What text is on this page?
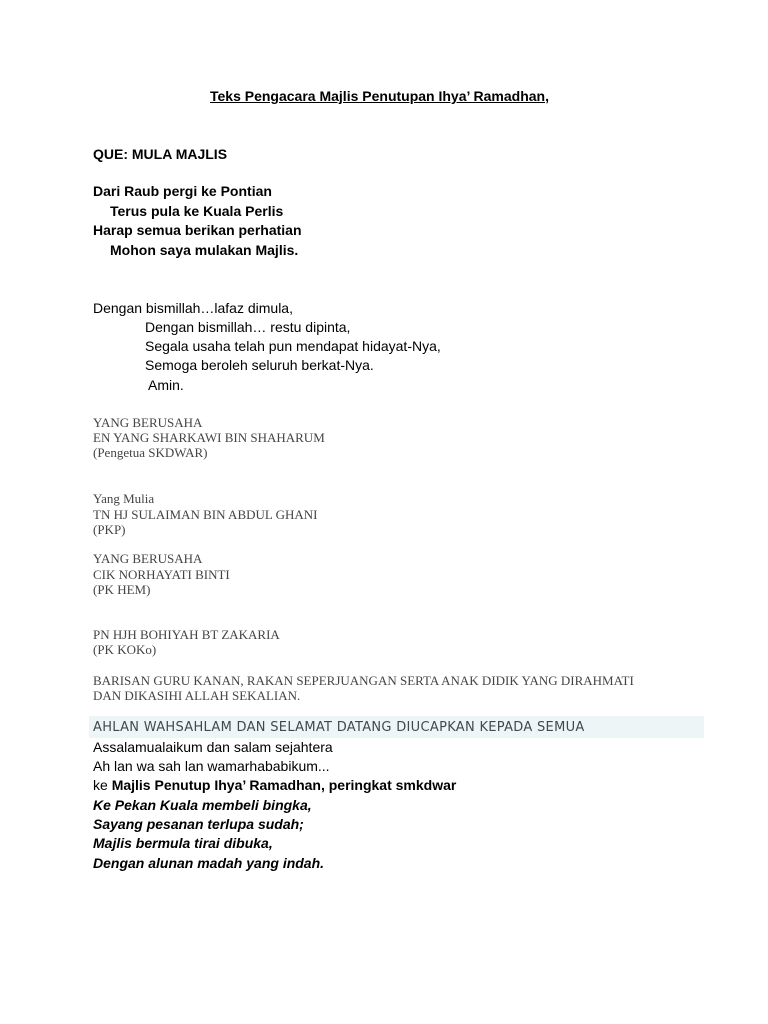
Teks Pengacara Majlis Penutupan Ihya’ Ramadhan,
QUE: MULA MAJLIS
Dari Raub pergi ke Pontian
Terus pula ke Kuala Perlis
Harap semua berikan perhatian
Mohon saya mulakan Majlis.
Dengan bismillah…lafaz dimula,
Dengan bismillah… restu dipinta,
Segala usaha telah pun mendapat hidayat-Nya,
Semoga beroleh seluruh berkat-Nya.
Amin.
YANG BERUSAHA
EN YANG SHARKAWI BIN SHAHARUM
(Pengetua SKDWAR)
Yang Mulia
TN HJ SULAIMAN BIN ABDUL GHANI
(PKP)
YANG BERUSAHA
CIK NORHAYATI BINTI
(PK HEM)
PN HJH BOHIYAH BT ZAKARIA
(PK KOKo)
BARISAN GURU KANAN, RAKAN SEPERJUANGAN SERTA ANAK DIDIK YANG DIRAHMATI
DAN DIKASIHI ALLAH SEKALIAN.
AHLAN WAHSAHLAM DAN SELAMAT DATANG DIUCAPKAN KEPADA SEMUA
Assalamualaikum dan salam sejahtera
Ah lan wa sah lan wamarhababikum...
ke Majlis Penutup Ihya’ Ramadhan, peringkat smkdwar
Ke Pekan Kuala membeli bingka,
Sayang pesanan terlupa sudah;
Majlis bermula tirai dibuka,
Dengan alunan madah yang indah.
